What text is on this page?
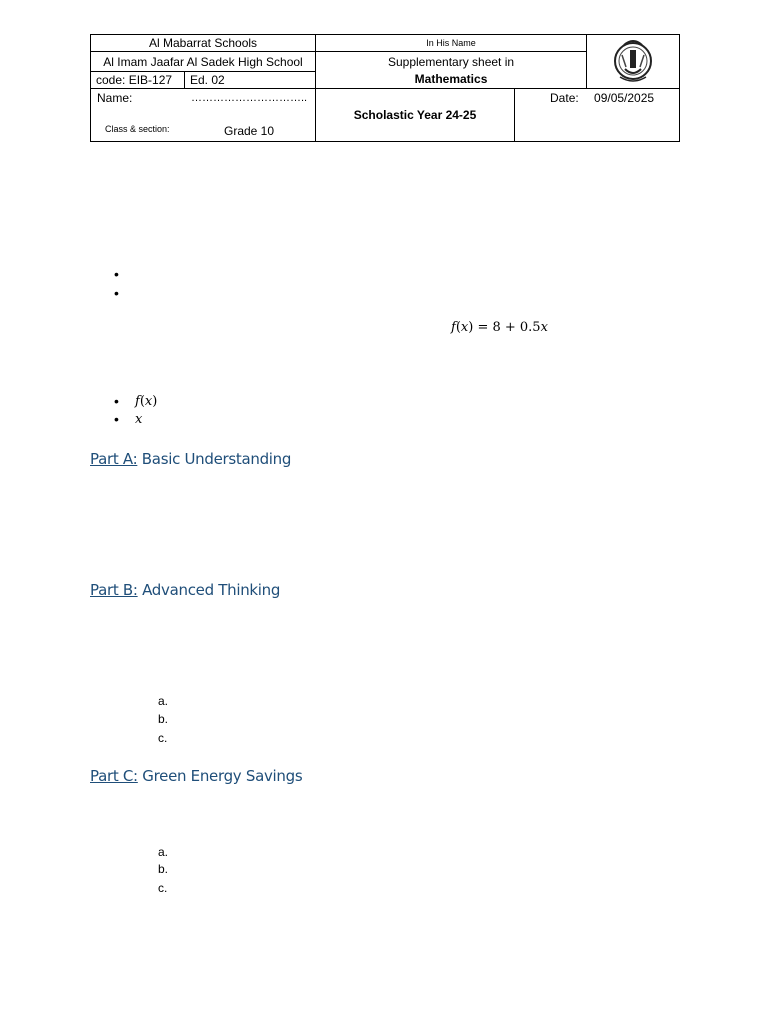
Al Mabarrat Schools		In His Name	
Al Imam Jaafar Al Sadek High School		Supplementary sheet in
Mathematics		

code: EIB-127	Ed. 02			

Name: …………………………..
Class & section: Grade 10		Scholastic Year 24-25	Date: 09/05/2025	
•
•
f(x) = 8 + 0.5x
• f(x)
• x
Part A: Basic Understanding
Part B: Advanced Thinking
a.
b.
c.
Part C: Green Energy Savings
a.
b.
c.
